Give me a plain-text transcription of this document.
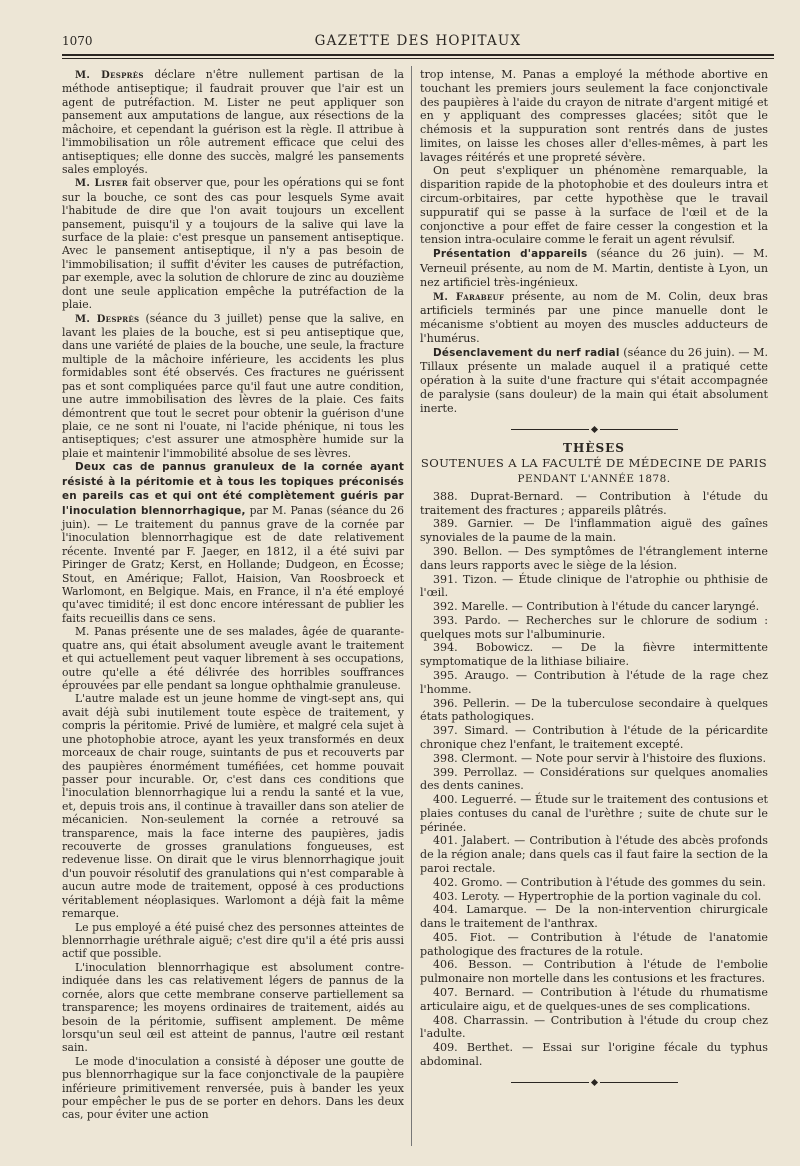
1070	GAZETTE DES HOPITAUX

M. Desprès déclare n'être nullement partisan de la méthode antiseptique; il faudrait prouver que l'air est un agent de putréfaction. M. Lister ne peut appliquer son pansement aux amputations de langue, aux résections de la mâchoire, et cependant la guérison est la règle. Il attribue à l'immobilisation un rôle autrement efficace que celui des antiseptiques; elle donne des succès, malgré les pansements sales employés.

M. Lister fait observer que, pour les opérations qui se font sur la bouche, ce sont des cas pour lesquels Syme avait l'habitude de dire que l'on avait toujours un excellent pansement, puisqu'il y a toujours de la salive qui lave la surface de la plaie: c'est presque un pansement antiseptique. Avec le pansement antiseptique, il n'y a pas besoin de l'immobilisation; il suffit d'éviter les causes de putréfaction, par exemple, avec la solution de chlorure de zinc au douzième dont une seule application empêche la putréfaction de la plaie.

M. Desprès (séance du 3 juillet) pense que la salive, en lavant les plaies de la bouche, est si peu antiseptique que, dans une variété de plaies de la bouche, une seule, la fracture multiple de la mâchoire inférieure, les accidents les plus formidables sont été observés. Ces fractures ne guérissent pas et sont compliquées parce qu'il faut une autre condition, une autre immobilisation des lèvres de la plaie. Ces faits démontrent que tout le secret pour obtenir la guérison d'une plaie, ce ne sont ni l'ouate, ni l'acide phénique, ni tous les antiseptiques; c'est assurer une atmosphère humide sur la plaie et maintenir l'immobilité absolue de ses lèvres.

Deux cas de pannus granuleux de la cornée ayant résisté à la péritomie et à tous les topiques préconisés en pareils cas et qui ont été complètement guéris par l'inoculation blennorrhagique, par M. Panas (séance du 26 juin). — Le traitement du pannus grave de la cornée par l'inoculation blennorrhagique est de date relativement récente. Inventé par F. Jaeger, en 1812, il a été suivi par Piringer de Gratz; Kerst, en Hollande; Dudgeon, en Écosse; Stout, en Amérique; Fallot, Haision, Van Roosbroeck et Warlomont, en Belgique. Mais, en France, il n'a été employé qu'avec timidité; il est donc encore intéressant de publier les faits recueillis dans ce sens.

M. Panas présente une de ses malades, âgée de quarante-quatre ans, qui était absolument aveugle avant le traitement et qui actuellement peut vaquer librement à ses occupations, outre qu'elle a été délivrée des horribles souffrances éprouvées par elle pendant sa longue ophthalmie granuleuse.

L'autre malade est un jeune homme de vingt-sept ans, qui avait déjà subi inutilement toute espèce de traitement, y compris la péritomie. Privé de lumière, et malgré cela sujet à une photophobie atroce, ayant les yeux transformés en deux morceaux de chair rouge, suintants de pus et recouverts par des paupières énormément tuméfiées, cet homme pouvait passer pour incurable. Or, c'est dans ces conditions que l'inoculation blennorrhagique lui a rendu la santé et la vue, et, depuis trois ans, il continue à travailler dans son atelier de mécanicien. Non-seulement la cornée a retrouvé sa transparence, mais la face interne des paupières, jadis recouverte de grosses granulations fongueuses, est redevenue lisse. On dirait que le virus blennorrhagique jouit d'un pouvoir résolutif des granulations qui n'est comparable à aucun autre mode de traitement, opposé à ces productions véritablement néoplasiques. Warlomont a déjà fait la même remarque.

Le pus employé a été puisé chez des personnes atteintes de blennorrhagie uréthrale aiguë; c'est dire qu'il a été pris aussi actif que possible.

L'inoculation blennorrhagique est absolument contre-indiquée dans les cas relativement légers de pannus de la cornée, alors que cette membrane conserve partiellement sa transparence; les moyens ordinaires de traitement, aidés au besoin de la péritomie, suffisent amplement. De même lorsqu'un seul œil est atteint de pannus, l'autre œil restant sain.

Le mode d'inoculation a consisté à déposer une goutte de pus blennorrhagique sur la face conjonctivale de la paupière inférieure primitivement renversée, puis à bander les yeux pour empêcher le pus de se porter en dehors. Dans les deux cas, pour éviter une action

trop intense, M. Panas a employé la méthode abortive en touchant les premiers jours seulement la face conjonctivale des paupières à l'aide du crayon de nitrate d'argent mitigé et en y appliquant des compresses glacées; sitôt que le chémosis et la suppuration sont rentrés dans de justes limites, on laisse les choses aller d'elles-mêmes, à part les lavages réitérés et une propreté sévère.

On peut s'expliquer un phénomène remarquable, la disparition rapide de la photophobie et des douleurs intra et circum-orbitaires, par cette hypothèse que le travail suppuratif qui se passe à la surface de l'œil et de la conjonctive a pour effet de faire cesser la congestion et la tension intra-oculaire comme le ferait un agent révulsif.

Présentation d'appareils (séance du 26 juin). — M. Verneuil présente, au nom de M. Martin, dentiste à Lyon, un nez artificiel très-ingénieux.

M. Farabeuf présente, au nom de M. Colin, deux bras artificiels terminés par une pince manuelle dont le mécanisme s'obtient au moyen des muscles adducteurs de l'humérus.

Désenclavement du nerf radial (séance du 26 juin). — M. Tillaux présente un malade auquel il a pratiqué cette opération à la suite d'une fracture qui s'était accompagnée de paralysie (sans douleur) de la main qui était absolument inerte.

THÈSES
SOUTENUES A LA FACULTÉ DE MÉDECINE DE PARIS
PENDANT L'ANNÉE 1878.

388. Duprat-Bernard. — Contribution à l'étude du traitement des fractures ; appareils plâtrés.

389. Garnier. — De l'inflammation aiguë des gaînes synoviales de la paume de la main.

390. Bellon. — Des symptômes de l'étranglement interne dans leurs rapports avec le siège de la lésion.

391. Tizon. — Étude clinique de l'atrophie ou phthisie de l'œil.

392. Marelle. — Contribution à l'étude du cancer laryngé.

393. Pardo. — Recherches sur le chlorure de sodium : quelques mots sur l'albuminurie.

394. Bobowicz. — De la fièvre intermittente symptomatique de la lithiase biliaire.

395. Araugo. — Contribution à l'étude de la rage chez l'homme.

396. Pellerin. — De la tuberculose secondaire à quelques états pathologiques.

397. Simard. — Contribution à l'étude de la péricardite chronique chez l'enfant, le traitement excepté.

398. Clermont. — Note pour servir à l'histoire des fluxions.

399. Perrollaz. — Considérations sur quelques anomalies des dents canines.

400. Leguerré. — Étude sur le traitement des contusions et plaies contuses du canal de l'urèthre ; suite de chute sur le périnée.

401. Jalabert. — Contribution à l'étude des abcès profonds de la région anale; dans quels cas il faut faire la section de la paroi rectale.

402. Gromo. — Contribution à l'étude des gommes du sein.

403. Leroty. — Hypertrophie de la portion vaginale du col.

404. Lamarque. — De la non-intervention chirurgicale dans le traitement de l'anthrax.

405. Fiot. — Contribution à l'étude de l'anatomie pathologique des fractures de la rotule.

406. Besson. — Contribution à l'étude de l'embolie pulmonaire non mortelle dans les contusions et les fractures.

407. Bernard. — Contribution à l'étude du rhumatisme articulaire aigu, et de quelques-unes de ses complications.

408. Charrassin. — Contribution à l'étude du croup chez l'adulte.

409. Berthet. — Essai sur l'origine fécale du typhus abdominal.
